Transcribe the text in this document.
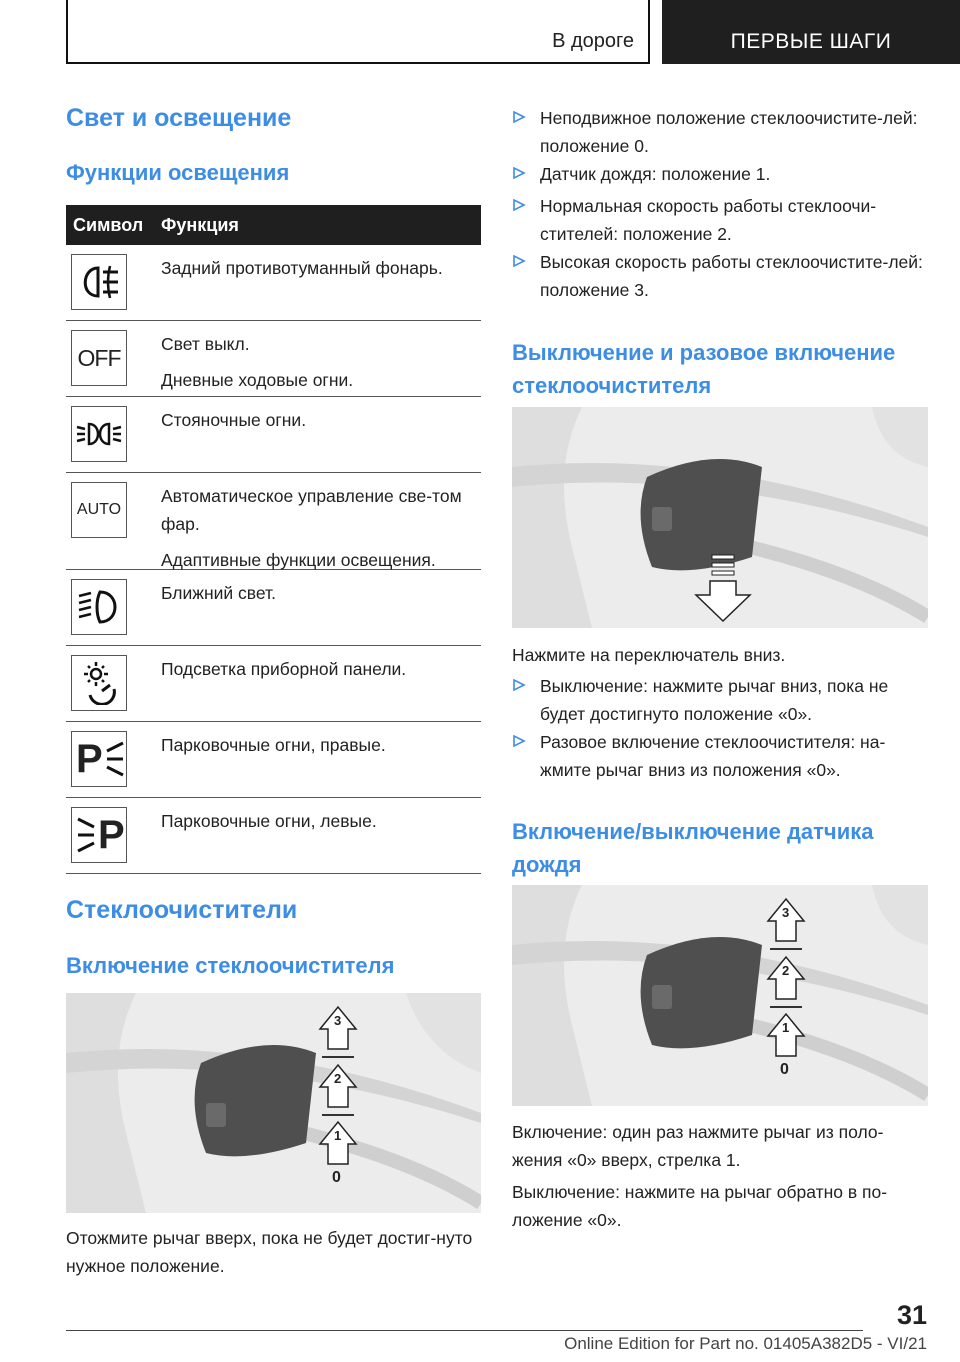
В дороге	ПЕРВЫЕ ШАГИ
Свет и освещение
Функции освещения
Символ Функция

Задний противотуманный фонарь.

OFF

Свет выкл.

Дневные ходовые огни.

Стояночные огни.

AUTO

Автоматическое управление све-том фар.

Адаптивные функции освещения.

Ближний свет.

Подсветка приборной панели.

P	Парковочные огни, правые.

P Парковочные огни, левые.

Стеклоочистители
Включение стеклоочистителя
3
2
1
0
Отожмите рычаг вверх, пока не будет достиг-нуто нужное положение.
Неподвижное положение стеклоочистите-лей: положение 0.
Датчик дождя: положение 1.
Нормальная скорость работы стеклоочи-стителей: положение 2.
Высокая скорость работы стеклоочистите-лей: положение 3.
Выключение и разовое включение стеклоочистителя
Нажмите на переключатель вниз.
Выключение: нажмите рычаг вниз, пока не будет достигнуто положение «0».
Разовое включение стеклоочистителя: на-жмите рычаг вниз из положения «0».
Включение/выключение датчика дождя
3
2
1
0
Включение: один раз нажмите рычаг из поло-жения «0» вверх, стрелка 1.
Выключение: нажмите на рычаг обратно в по-ложение «0».
31
Online Edition for Part no. 01405A382D5 - VI/21
